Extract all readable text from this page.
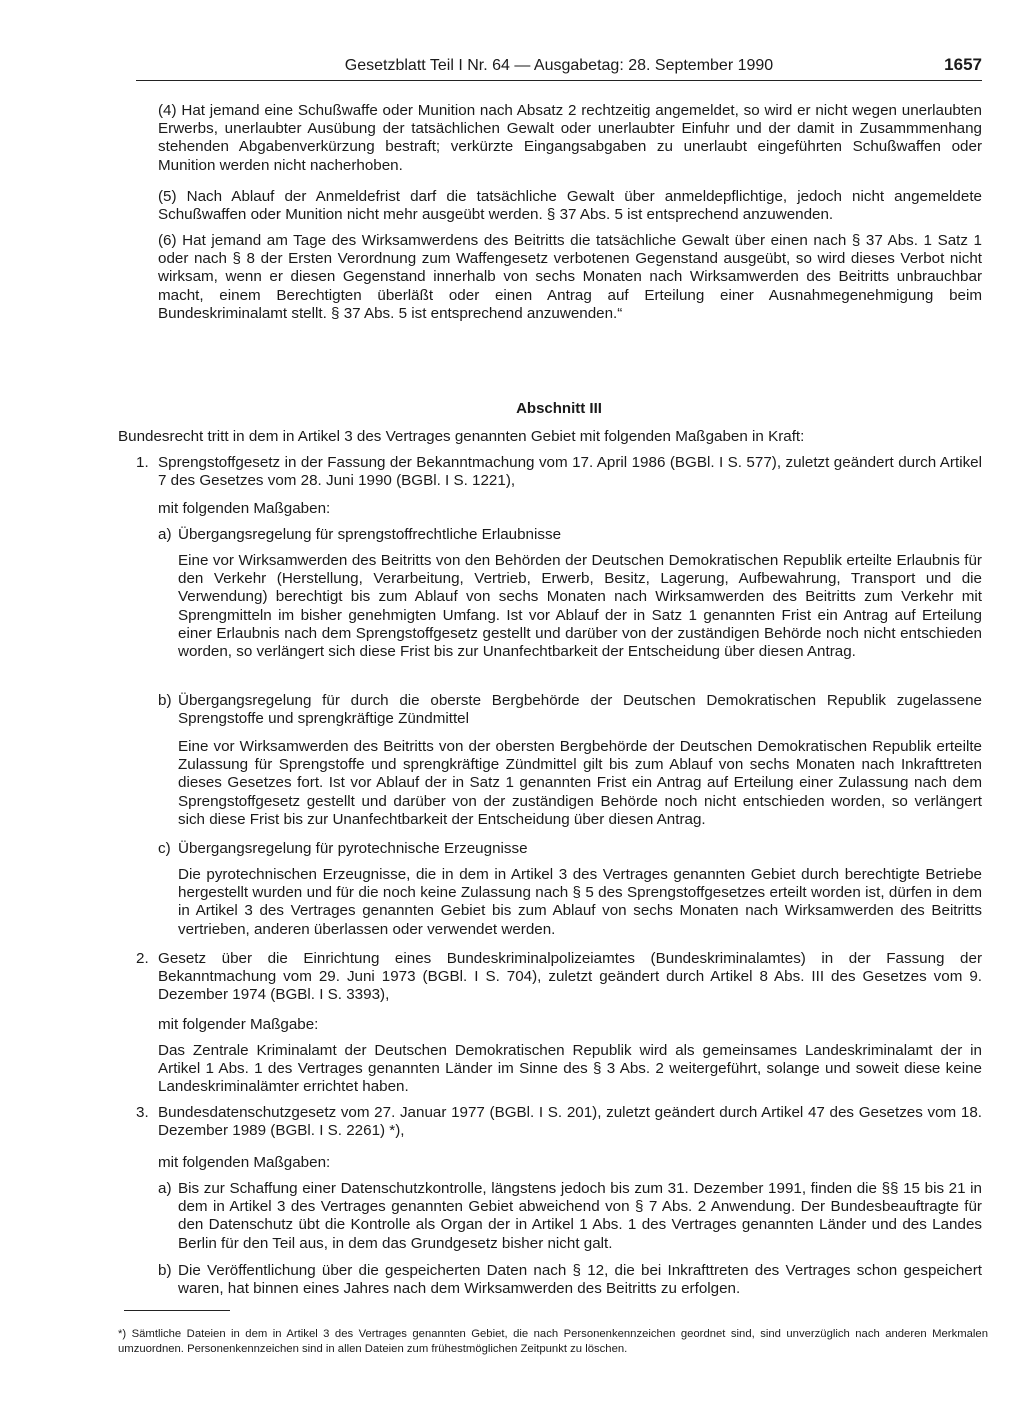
Gesetzblatt Teil I Nr. 64 — Ausgabetag: 28. September 1990	1657

(4) Hat jemand eine Schußwaffe oder Munition nach Absatz 2 rechtzeitig angemeldet, so wird er nicht wegen unerlaubten Erwerbs, unerlaubter Ausübung der tatsächlichen Gewalt oder unerlaubter Einfuhr und der damit in Zusammmenhang stehenden Abgabenverkürzung bestraft; verkürzte Eingangsabgaben zu unerlaubt eingeführten Schußwaffen oder Munition werden nicht nacherhoben.

(5) Nach Ablauf der Anmeldefrist darf die tatsächliche Gewalt über anmeldepflichtige, jedoch nicht angemeldete Schußwaffen oder Munition nicht mehr ausgeübt werden. § 37 Abs. 5 ist entsprechend anzuwenden.

(6) Hat jemand am Tage des Wirksamwerdens des Beitritts die tatsächliche Gewalt über einen nach § 37 Abs. 1 Satz 1 oder nach § 8 der Ersten Verordnung zum Waffengesetz verbotenen Gegenstand ausgeübt, so wird dieses Verbot nicht wirksam, wenn er diesen Gegenstand innerhalb von sechs Monaten nach Wirksamwerden des Beitritts unbrauchbar macht, einem Berechtigten überläßt oder einen Antrag auf Erteilung einer Ausnahmegenehmigung beim Bundeskriminalamt stellt. § 37 Abs. 5 ist entsprechend anzuwenden.“

Abschnitt III

Bundesrecht tritt in dem in Artikel 3 des Vertrages genannten Gebiet mit folgenden Maßgaben in Kraft:

1. Sprengstoffgesetz in der Fassung der Bekanntmachung vom 17. April 1986 (BGBl. I S. 577), zuletzt geändert durch Artikel 7 des Gesetzes vom 28. Juni 1990 (BGBl. I S. 1221),

mit folgenden Maßgaben:

a) Übergangsregelung für sprengstoffrechtliche Erlaubnisse

Eine vor Wirksamwerden des Beitritts von den Behörden der Deutschen Demokratischen Republik erteilte Erlaubnis für den Verkehr (Herstellung, Verarbeitung, Vertrieb, Erwerb, Besitz, Lagerung, Aufbewahrung, Transport und die Verwendung) berechtigt bis zum Ablauf von sechs Monaten nach Wirksamwerden des Beitritts zum Verkehr mit Sprengmitteln im bisher genehmigten Umfang. Ist vor Ablauf der in Satz 1 genannten Frist ein Antrag auf Erteilung einer Erlaubnis nach dem Sprengstoffgesetz gestellt und darüber von der zuständigen Behörde noch nicht entschieden worden, so verlängert sich diese Frist bis zur Unanfechtbarkeit der Entscheidung über diesen Antrag.

b) Übergangsregelung für durch die oberste Bergbehörde der Deutschen Demokratischen Republik zugelassene Sprengstoffe und sprengkräftige Zündmittel

Eine vor Wirksamwerden des Beitritts von der obersten Bergbehörde der Deutschen Demokratischen Republik erteilte Zulassung für Sprengstoffe und sprengkräftige Zündmittel gilt bis zum Ablauf von sechs Monaten nach Inkrafttreten dieses Gesetzes fort. Ist vor Ablauf der in Satz 1 genannten Frist ein Antrag auf Erteilung einer Zulassung nach dem Sprengstoffgesetz gestellt und darüber von der zuständigen Behörde noch nicht entschieden worden, so verlängert sich diese Frist bis zur Unanfechtbarkeit der Entscheidung über diesen Antrag.

c) Übergangsregelung für pyrotechnische Erzeugnisse

Die pyrotechnischen Erzeugnisse, die in dem in Artikel 3 des Vertrages genannten Gebiet durch berechtigte Betriebe hergestellt wurden und für die noch keine Zulassung nach § 5 des Sprengstoffgesetzes erteilt worden ist, dürfen in dem in Artikel 3 des Vertrages genannten Gebiet bis zum Ablauf von sechs Monaten nach Wirksamwerden des Beitritts vertrieben, anderen überlassen oder verwendet werden.

2. Gesetz über die Einrichtung eines Bundeskriminalpolizeiamtes (Bundeskriminalamtes) in der Fassung der Bekanntmachung vom 29. Juni 1973 (BGBl. I S. 704), zuletzt geändert durch Artikel 8 Abs. III des Gesetzes vom 9. Dezember 1974 (BGBl. I S. 3393),

mit folgender Maßgabe:

Das Zentrale Kriminalamt der Deutschen Demokratischen Republik wird als gemeinsames Landeskriminalamt der in Artikel 1 Abs. 1 des Vertrages genannten Länder im Sinne des § 3 Abs. 2 weitergeführt, solange und soweit diese keine Landeskriminalämter errichtet haben.

3. Bundesdatenschutzgesetz vom 27. Januar 1977 (BGBl. I S. 201), zuletzt geändert durch Artikel 47 des Gesetzes vom 18. Dezember 1989 (BGBl. I S. 2261) *),

mit folgenden Maßgaben:

a) Bis zur Schaffung einer Datenschutzkontrolle, längstens jedoch bis zum 31. Dezember 1991, finden die §§ 15 bis 21 in dem in Artikel 3 des Vertrages genannten Gebiet abweichend von § 7 Abs. 2 Anwendung. Der Bundesbeauftragte für den Datenschutz übt die Kontrolle als Organ der in Artikel 1 Abs. 1 des Vertrages genannten Länder und des Landes Berlin für den Teil aus, in dem das Grundgesetz bisher nicht galt.

b) Die Veröffentlichung über die gespeicherten Daten nach § 12, die bei Inkrafttreten des Vertrages schon gespeichert waren, hat binnen eines Jahres nach dem Wirksamwerden des Beitritts zu erfolgen.

*) Sämtliche Dateien in dem in Artikel 3 des Vertrages genannten Gebiet, die nach Personenkennzeichen geordnet sind, sind unverzüglich nach anderen Merkmalen umzuordnen. Personenkennzeichen sind in allen Dateien zum frühestmöglichen Zeitpunkt zu löschen.
